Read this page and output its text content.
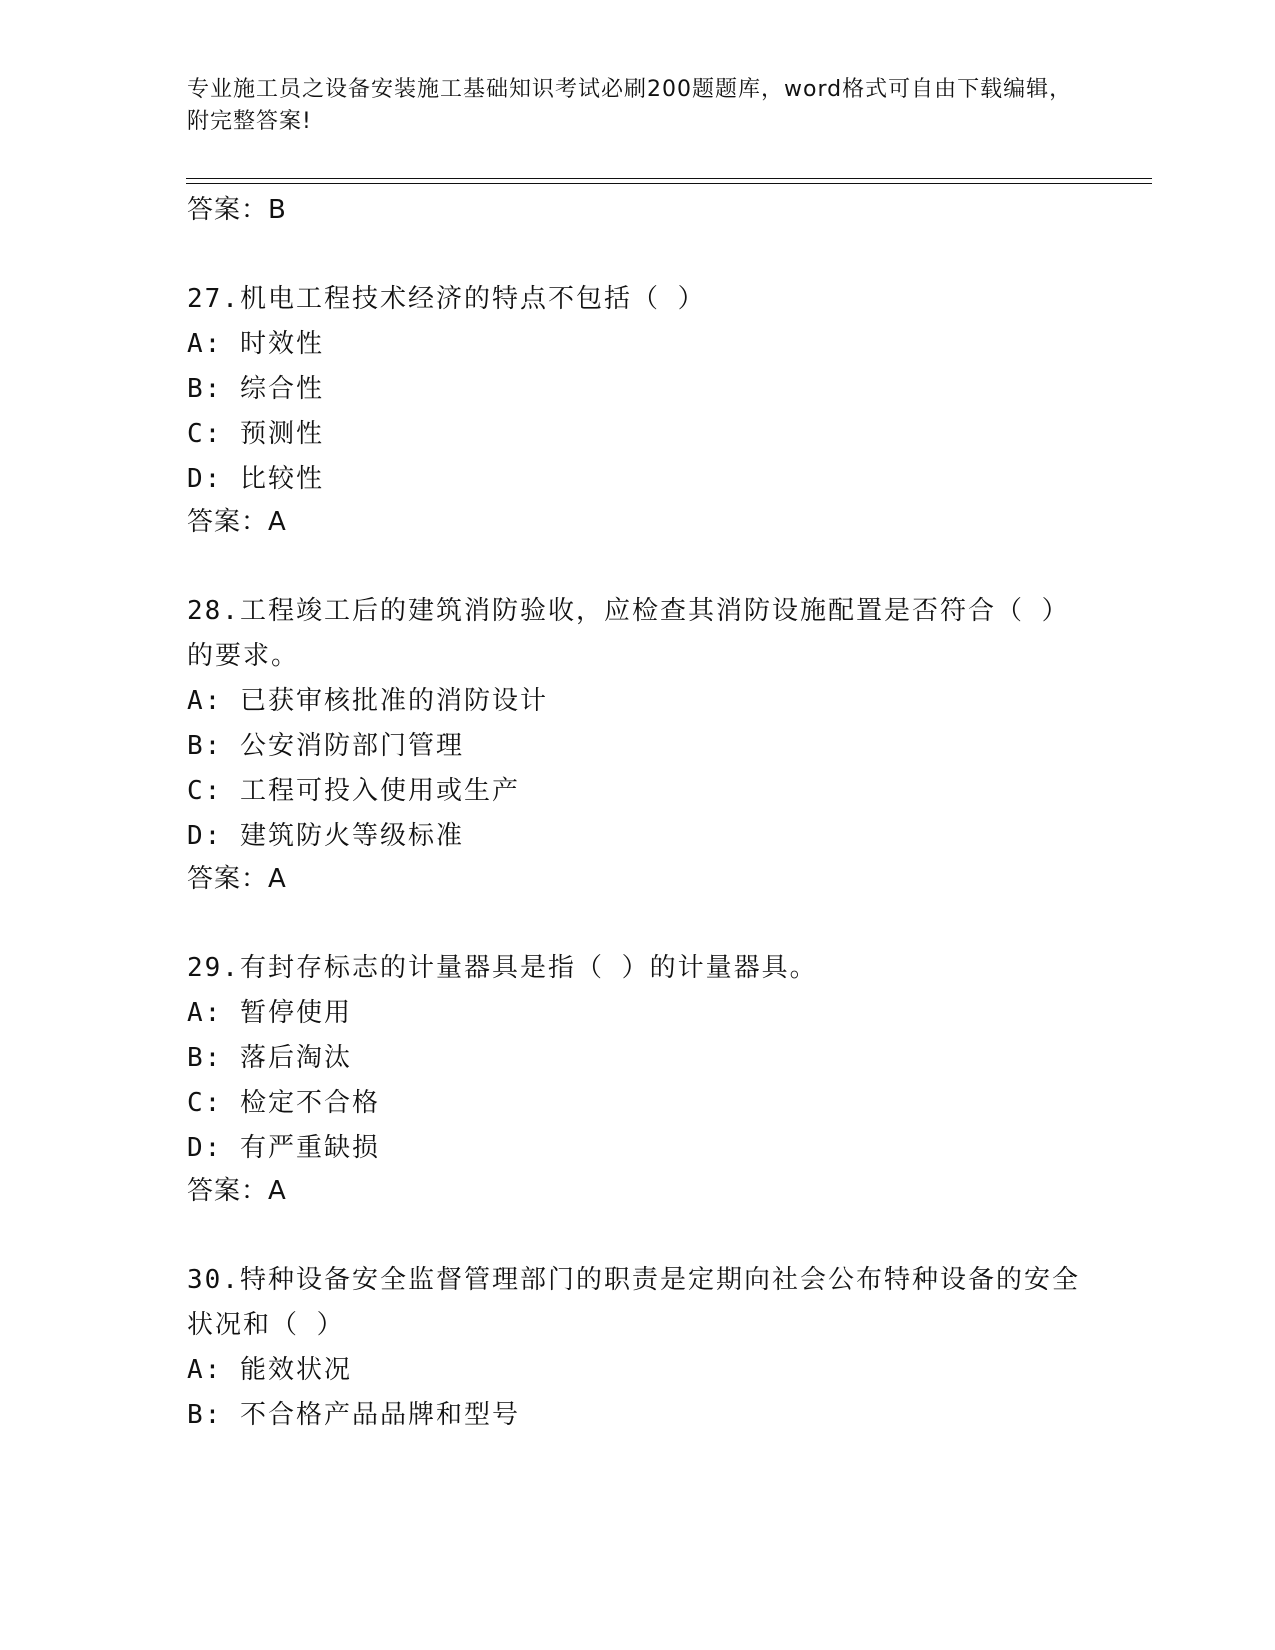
专业施工员之设备安装施工基础知识考试必刷200题题库，word格式可自由下载编辑，附完整答案!
答案：B
27.机电工程技术经济的特点不包括（ ）
A: 时效性
B: 综合性
C: 预测性
D: 比较性
答案：A
28.工程竣工后的建筑消防验收，应检查其消防设施配置是否符合（ ）的要求。
A: 已获审核批准的消防设计
B: 公安消防部门管理
C: 工程可投入使用或生产
D: 建筑防火等级标准
答案：A
29.有封存标志的计量器具是指（ ）的计量器具。
A: 暂停使用
B: 落后淘汰
C: 检定不合格
D: 有严重缺损
答案：A
30.特种设备安全监督管理部门的职责是定期向社会公布特种设备的安全状况和（ ）
A: 能效状况
B: 不合格产品品牌和型号
